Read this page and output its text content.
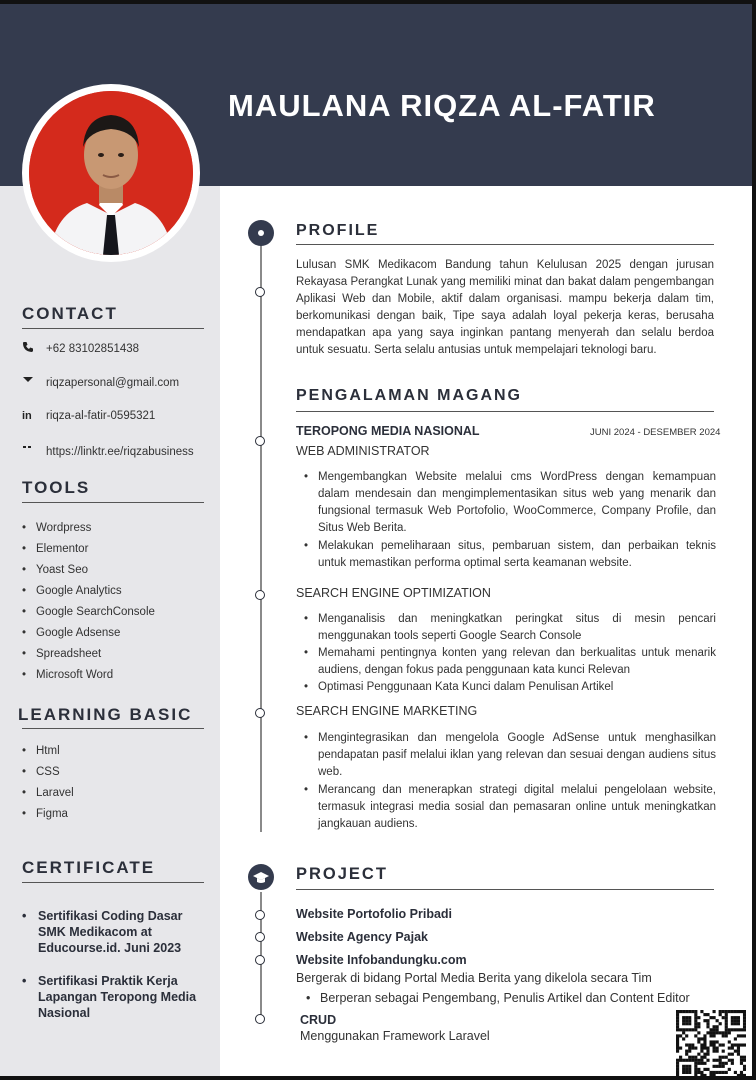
MAULANA RIQZA AL-FATIR
CONTACT
+62 83102851438
riqzapersonal@gmail.com
in	riqza-al-fatir-0595321
https://linktr.ee/riqzabusiness
TOOLS
• Wordpress
• Elementor
• Yoast Seo
• Google Analytics
• Google SearchConsole
• Google Adsense
• Spreadsheet
• Microsoft Word
LEARNING BASIC
• Html
• CSS
• Laravel
• Figma
CERTIFICATE
• Sertifikasi Coding Dasar SMK Medikacom at Educourse.id. Juni 2023
• Sertifikasi Praktik Kerja Lapangan Teropong Media Nasional
PROFILE
Lulusan SMK Medikacom Bandung tahun Kelulusan 2025 dengan jurusan Rekayasa Perangkat Lunak yang memiliki minat dan bakat dalam pengembangan Aplikasi Web dan Mobile, aktif dalam organisasi. mampu bekerja dalam tim, berkomunikasi dengan baik, Tipe saya adalah loyal pekerja keras, berusaha mendapatkan apa yang saya inginkan pantang menyerah dan selalu berdoa untuk sesuatu. Serta selalu antusias untuk mempelajari teknologi baru.
PENGALAMAN MAGANG
TEROPONG MEDIA NASIONAL	JUNI 2024 - DESEMBER 2024
WEB ADMINISTRATOR
• Mengembangkan Website melalui cms WordPress dengan kemampuan dalam mendesain dan mengimplementasikan situs web yang menarik dan fungsional termasuk Web Portofolio, WooCommerce, Company Profile, dan Situs Web Berita.
• Melakukan pemeliharaan situs, pembaruan sistem, dan perbaikan teknis untuk memastikan performa optimal serta keamanan website.
SEARCH ENGINE OPTIMIZATION
• Menganalisis dan meningkatkan peringkat situs di mesin pencari menggunakan tools seperti Google Search Console
• Memahami pentingnya konten yang relevan dan berkualitas untuk menarik audiens, dengan fokus pada penggunaan kata kunci Relevan
• Optimasi Penggunaan Kata Kunci dalam Penulisan Artikel
SEARCH ENGINE MARKETING
• Mengintegrasikan dan mengelola Google AdSense untuk menghasilkan pendapatan pasif melalui iklan yang relevan dan sesuai dengan audiens situs web.
• Merancang dan menerapkan strategi digital melalui pengelolaan website, termasuk integrasi media sosial dan pemasaran online untuk meningkatkan jangkauan audiens.
PROJECT
Website Portofolio Pribadi
Website Agency Pajak
Website Infobandungku.com
Bergerak di bidang Portal Media Berita yang dikelola secara Tim
• Berperan sebagai Pengembang, Penulis Artikel dan Content Editor
CRUD
Menggunakan Framework Laravel
